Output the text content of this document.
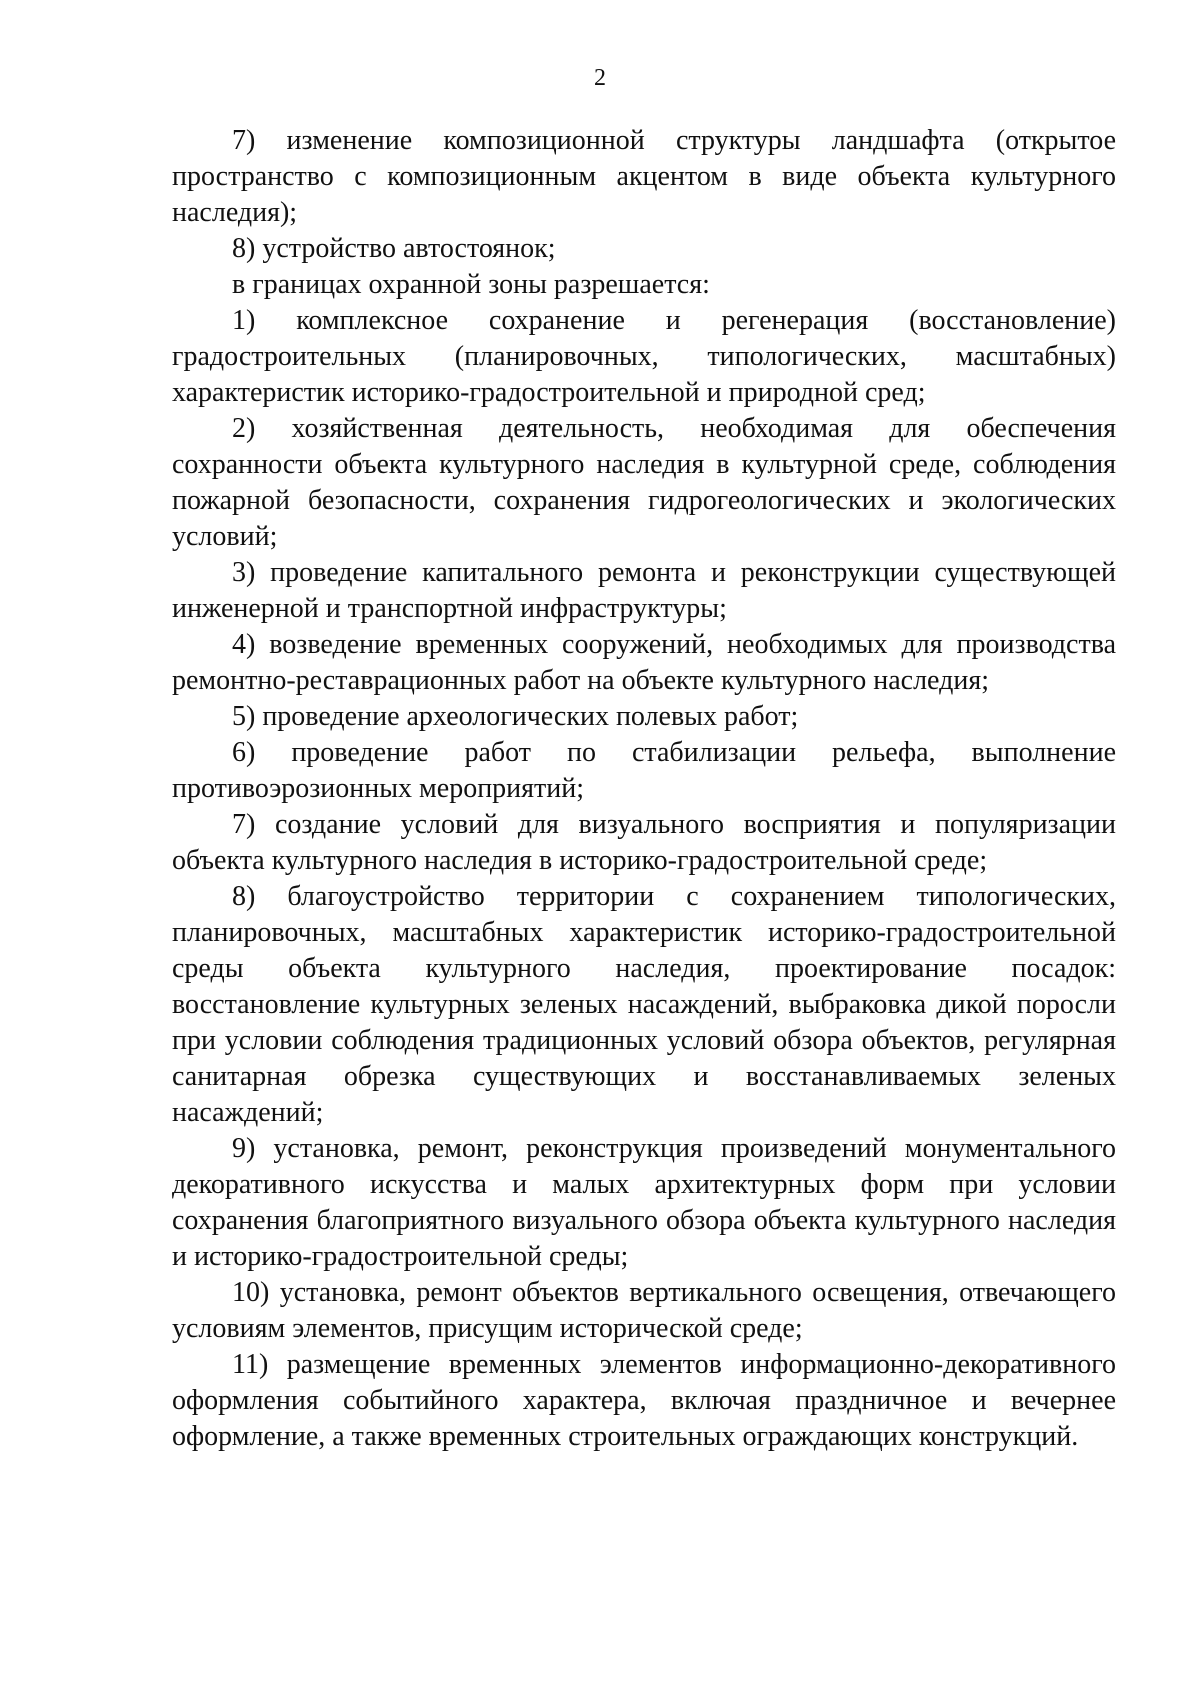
2

7) изменение композиционной структуры ландшафта (открытое пространство с композиционным акцентом в виде объекта культурного наследия);

8) устройство автостоянок;

в границах охранной зоны разрешается:

1) комплексное сохранение и регенерация (восстановление) градостроительных (планировочных, типологических, масштабных) характеристик историко-градостроительной и природной сред;

2) хозяйственная деятельность, необходимая для обеспечения сохранности объекта культурного наследия в культурной среде, соблюдения пожарной безопасности, сохранения гидрогеологических и экологических условий;

3) проведение капитального ремонта и реконструкции существующей инженерной и транспортной инфраструктуры;

4) возведение временных сооружений, необходимых для производства ремонтно-реставрационных работ на объекте культурного наследия;

5) проведение археологических полевых работ;

6) проведение работ по стабилизации рельефа, выполнение противоэрозионных мероприятий;

7) создание условий для визуального восприятия и популяризации объекта культурного наследия в историко-градостроительной среде;

8) благоустройство территории с сохранением типологических, планировочных, масштабных характеристик историко-градостроительной среды объекта культурного наследия, проектирование посадок: восстановление культурных зеленых насаждений, выбраковка дикой поросли при условии соблюдения традиционных условий обзора объектов, регулярная санитарная обрезка существующих и восстанавливаемых зеленых насаждений;

9) установка, ремонт, реконструкция произведений монументального декоративного искусства и малых архитектурных форм при условии сохранения благоприятного визуального обзора объекта культурного наследия и историко-градостроительной среды;

10) установка, ремонт объектов вертикального освещения, отвечающего условиям элементов, присущим исторической среде;

11) размещение временных элементов информационно-декоративного оформления событийного характера, включая праздничное и вечернее оформление, а также временных строительных ограждающих конструкций.
